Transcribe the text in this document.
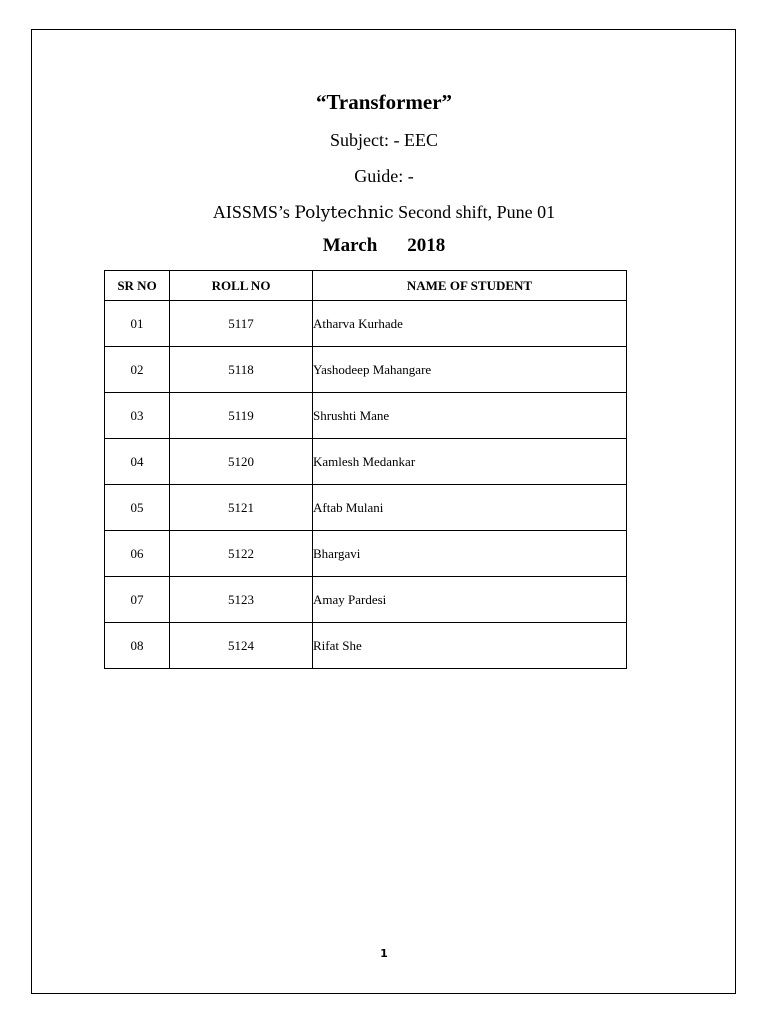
“Transformer”
Subject: - EEC
Guide: -
AISSMS’s Polytechnic Second shift, Pune 01
March 2018
SR NO	ROLL NO	NAME OF STUDENT
01	5117	Atharva Kurhade
02	5118	Yashodeep Mahangare
03	5119	Shrushti Mane
04	5120	Kamlesh Medankar
05	5121	Aftab Mulani
06	5122	Bhargavi
07	5123	Amay Pardesi
08	5124	Rifat She
1
